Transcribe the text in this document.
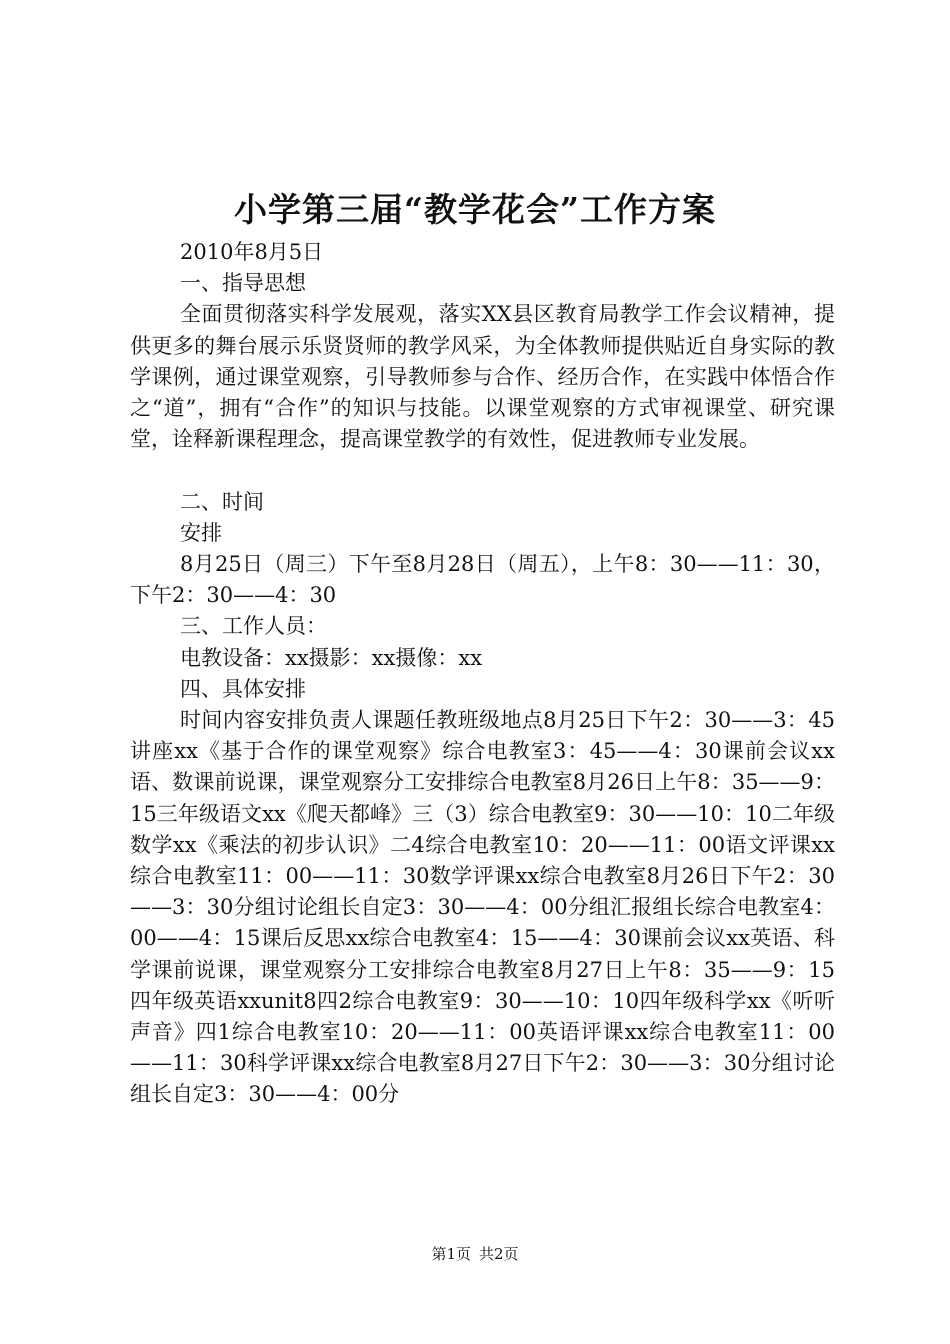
小学第三届“教学花会”工作方案

2010年8月5日

一、指导思想

全面贯彻落实科学发展观，落实XX县区教育局教学工作会议精神，提供更多的舞台展示乐贤贤师的教学风采，为全体教师提供贴近自身实际的教学课例，通过课堂观察，引导教师参与合作、经历合作，在实践中体悟合作之“道”，拥有“合作”的知识与技能。以课堂观察的方式审视课堂、研究课堂，诠释新课程理念，提高课堂教学的有效性，促进教师专业发展。

二、时间

安排

8月25日（周三）下午至8月28日（周五），上午8：30——11：30，下午2：30——4：30

三、工作人员：

电教设备：xx摄影：xx摄像：xx

四、具体安排

时间内容安排负责人课题任教班级地点8月25日下午2：30——3：45讲座xx《基于合作的课堂观察》综合电教室3：45——4：30课前会议xx语、数课前说课，课堂观察分工安排综合电教室8月26日上午8：35——9：15三年级语文xx《爬天都峰》三（3）综合电教室9：30——10：10二年级数学xx《乘法的初步认识》二4综合电教室10：20——11：00语文评课xx综合电教室11：00——11：30数学评课xx综合电教室8月26日下午2：30——3：30分组讨论组长自定3：30——4：00分组汇报组长综合电教室4：00——4：15课后反思xx综合电教室4：15——4：30课前会议xx英语、科学课前说课，课堂观察分工安排综合电教室8月27日上午8：35——9：15四年级英语xxunit8四2综合电教室9：30——10：10四年级科学xx《听听声音》四1综合电教室10：20——11：00英语评课xx综合电教室11：00——11：30科学评课xx综合电教室8月27日下午2：30——3：30分组讨论组长自定3：30——4：00分

第1页 共2页
